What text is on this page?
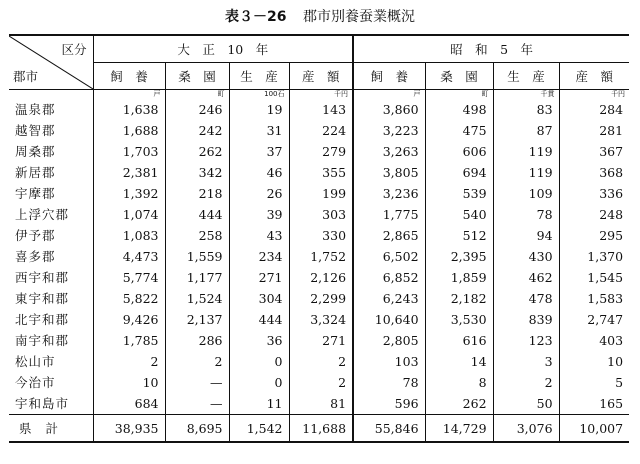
表３－26 郡市別養蚕業概況
区分
郡市	大　正　10　年				昭　和　5　年			
	飼　養	桑　園	生　産	産　額	飼　養	桑　園	生　産	産　額
	戸	町	100石	千円	戸	町	千貫	千円
温泉郡	1,638	246	19	143	3,860	498	83	284
越智郡	1,688	242	31	224	3,223	475	87	281
周桑郡	1,703	262	37	279	3,263	606	119	367
新居郡	2,381	342	46	355	3,805	694	119	368
宇摩郡	1,392	218	26	199	3,236	539	109	336
上浮穴郡	1,074	444	39	303	1,775	540	78	248
伊予郡	1,083	258	43	330	2,865	512	94	295
喜多郡	4,473	1,559	234	1,752	6,502	2,395	430	1,370
西宇和郡	5,774	1,177	271	2,126	6,852	1,859	462	1,545
東宇和郡	5,822	1,524	304	2,299	6,243	2,182	478	1,583
北宇和郡	9,426	2,137	444	3,324	10,640	3,530	839	2,747
南宇和郡	1,785	286	36	271	2,805	616	123	403
松山市	2	2	0	2	103	14	3	10
今治市	10	—	0	2	78	8	2	5
宇和島市	684	—	11	81	596	262	50	165
県計	38,935	8,695	1,542	11,688	55,846	14,729	3,076	10,007
